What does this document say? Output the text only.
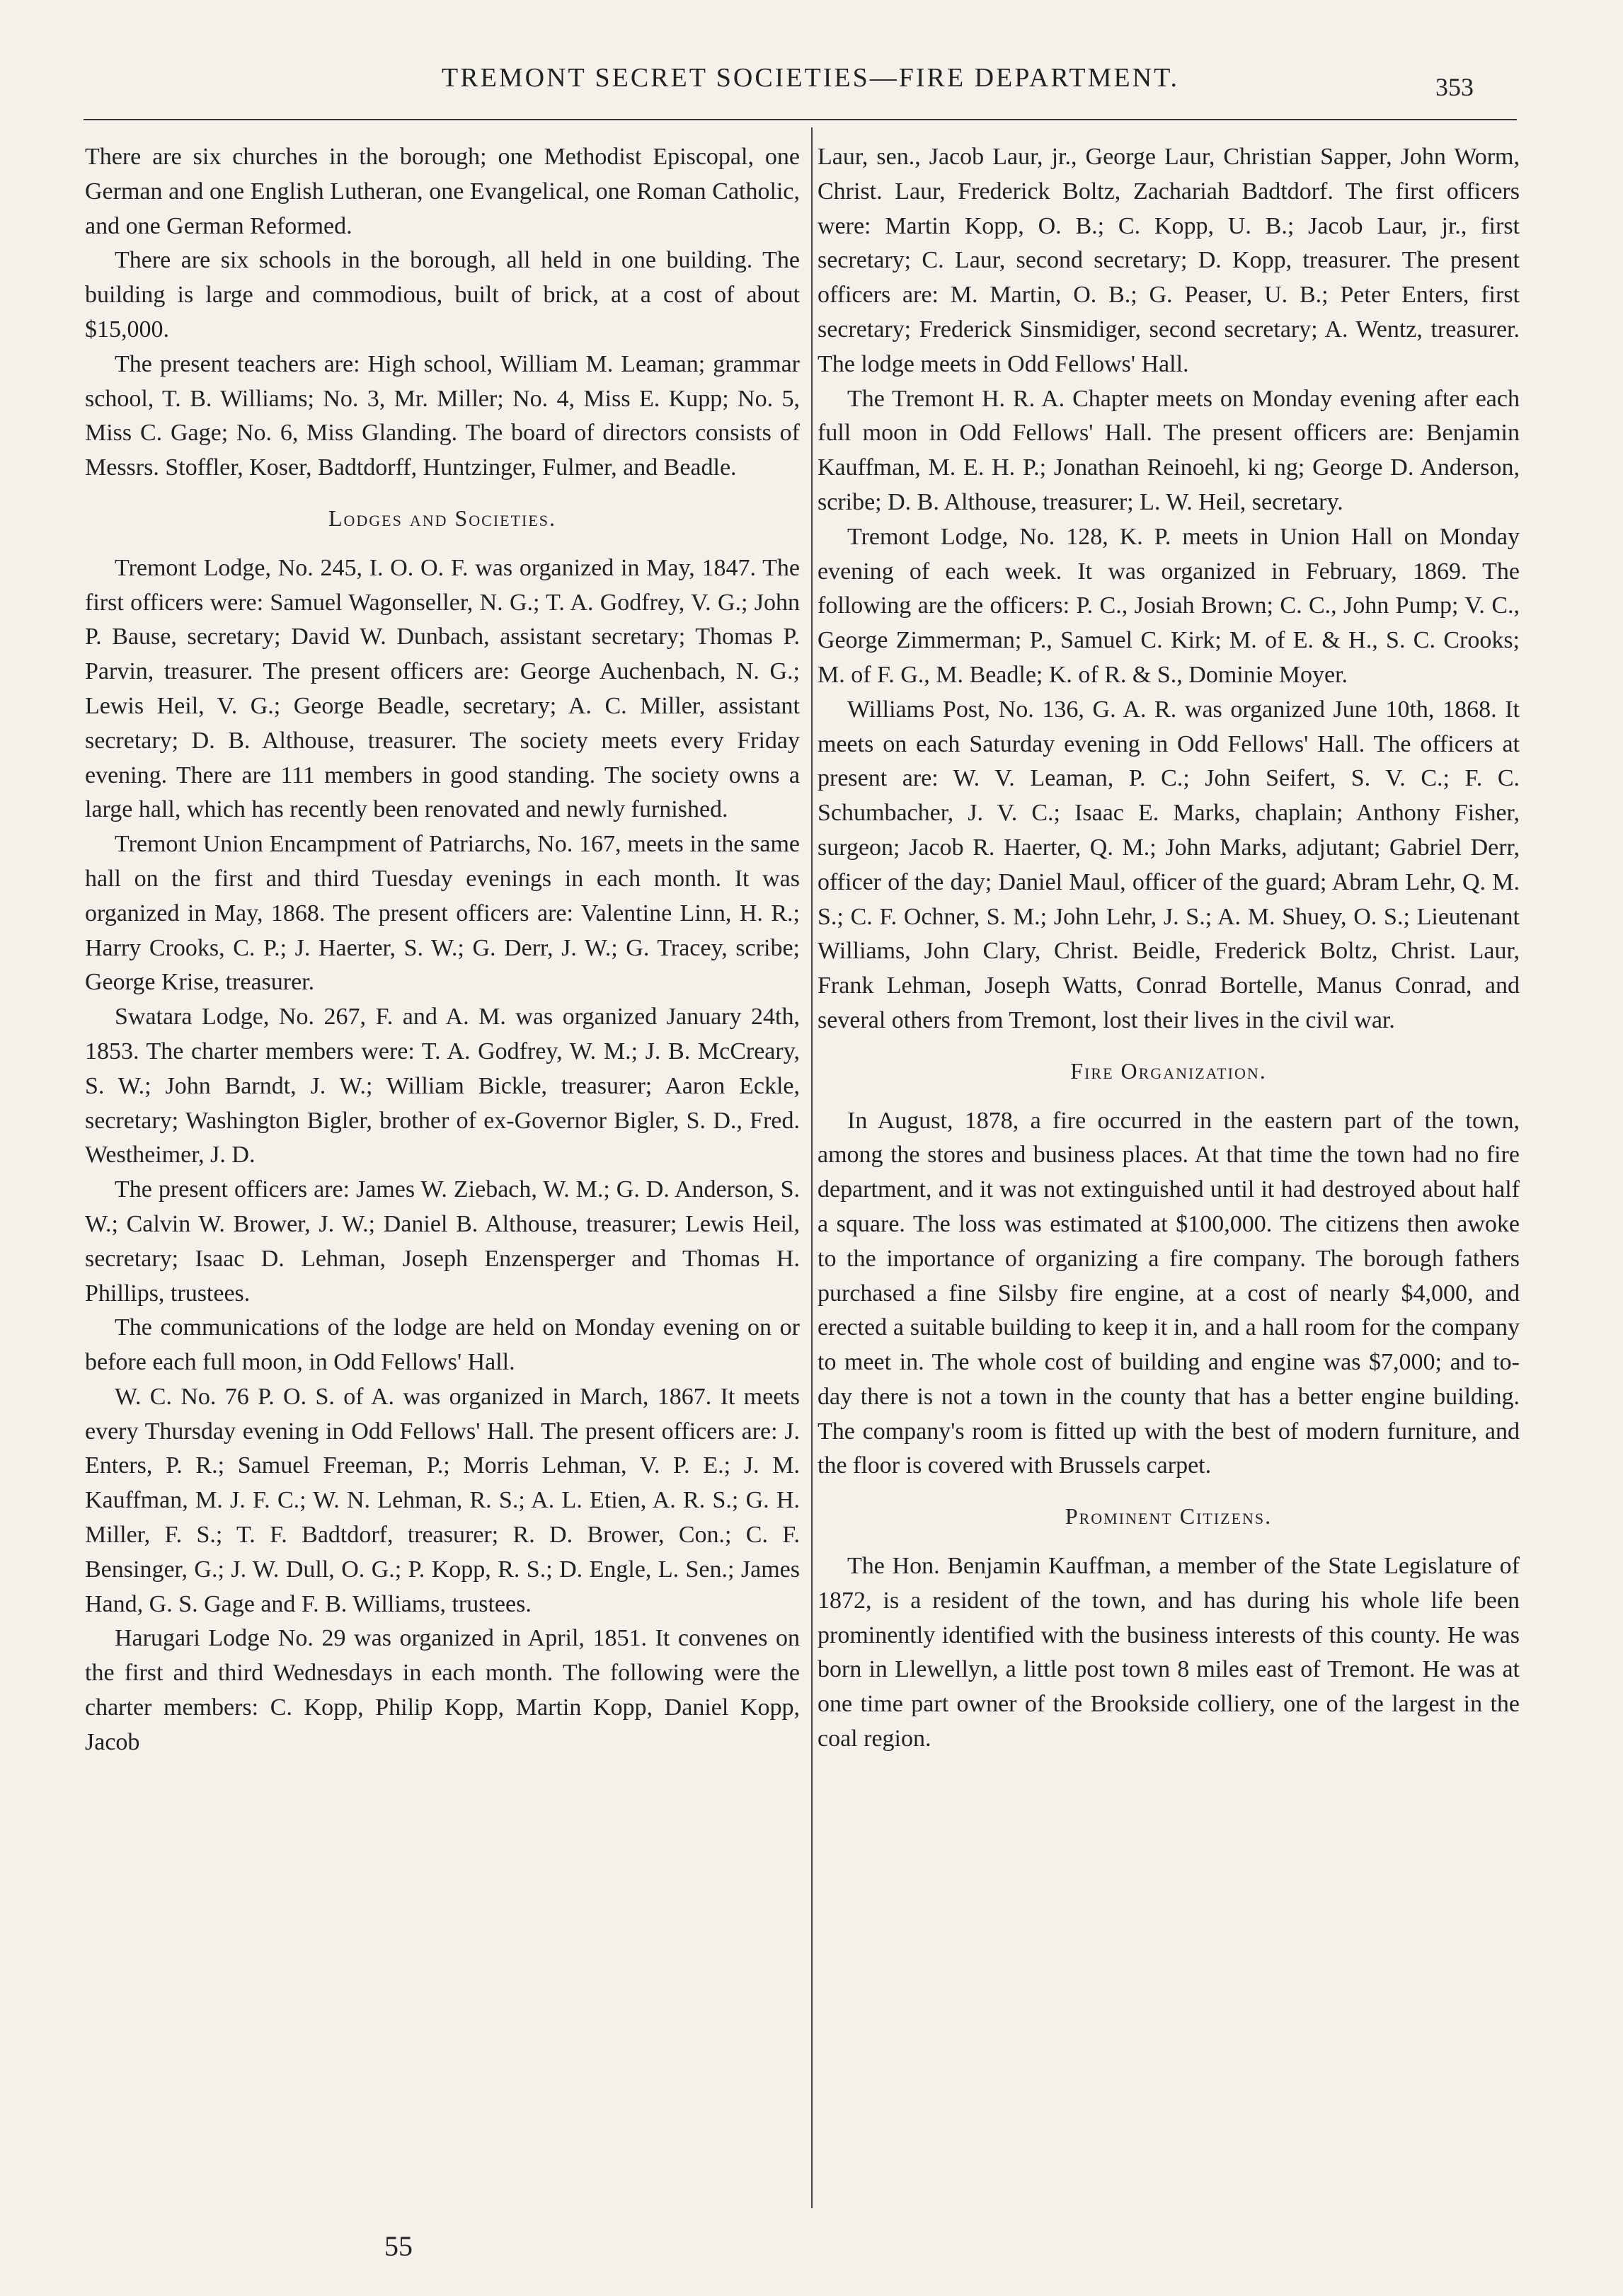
TREMONT SECRET SOCIETIES—FIRE DEPARTMENT.	353

There are six churches in the borough; one Methodist Episcopal, one German and one English Lutheran, one Evangelical, one Roman Catholic, and one German Reformed.

There are six schools in the borough, all held in one building. The building is large and commodious, built of brick, at a cost of about $15,000.

The present teachers are: High school, William M. Leaman; grammar school, T. B. Williams; No. 3, Mr. Miller; No. 4, Miss E. Kupp; No. 5, Miss C. Gage; No. 6, Miss Glanding. The board of directors consists of Messrs. Stoffler, Koser, Badtdorff, Huntzinger, Fulmer, and Beadle.

Lodges and Societies.

Tremont Lodge, No. 245, I. O. O. F. was organized in May, 1847. The first officers were: Samuel Wagonseller, N. G.; T. A. Godfrey, V. G.; John P. Bause, secretary; David W. Dunbach, assistant secretary; Thomas P. Parvin, treasurer. The present officers are: George Auchenbach, N. G.; Lewis Heil, V. G.; George Beadle, secretary; A. C. Miller, assistant secretary; D. B. Althouse, treasurer. The society meets every Friday evening. There are 111 members in good standing. The society owns a large hall, which has recently been renovated and newly furnished.

Tremont Union Encampment of Patriarchs, No. 167, meets in the same hall on the first and third Tuesday evenings in each month. It was organized in May, 1868. The present officers are: Valentine Linn, H. R.; Harry Crooks, C. P.; J. Haerter, S. W.; G. Derr, J. W.; G. Tracey, scribe; George Krise, treasurer.

Swatara Lodge, No. 267, F. and A. M. was organized January 24th, 1853. The charter members were: T. A. Godfrey, W. M.; J. B. McCreary, S. W.; John Barndt, J. W.; William Bickle, treasurer; Aaron Eckle, secretary; Washington Bigler, brother of ex-Governor Bigler, S. D., Fred. Westheimer, J. D.

The present officers are: James W. Ziebach, W. M.; G. D. Anderson, S. W.; Calvin W. Brower, J. W.; Daniel B. Althouse, treasurer; Lewis Heil, secretary; Isaac D. Lehman, Joseph Enzensperger and Thomas H. Phillips, trustees.

The communications of the lodge are held on Monday evening on or before each full moon, in Odd Fellows' Hall.

W. C. No. 76 P. O. S. of A. was organized in March, 1867. It meets every Thursday evening in Odd Fellows' Hall. The present officers are: J. Enters, P. R.; Samuel Freeman, P.; Morris Lehman, V. P. E.; J. M. Kauffman, M. J. F. C.; W. N. Lehman, R. S.; A. L. Etien, A. R. S.; G. H. Miller, F. S.; T. F. Badtdorf, treasurer; R. D. Brower, Con.; C. F. Bensinger, G.; J. W. Dull, O. G.; P. Kopp, R. S.; D. Engle, L. Sen.; James Hand, G. S. Gage and F. B. Williams, trustees.

Harugari Lodge No. 29 was organized in April, 1851. It convenes on the first and third Wednesdays in each month. The following were the charter members: C. Kopp, Philip Kopp, Martin Kopp, Daniel Kopp, Jacob

Laur, sen., Jacob Laur, jr., George Laur, Christian Sapper, John Worm, Christ. Laur, Frederick Boltz, Zachariah Badtdorf. The first officers were: Martin Kopp, O. B.; C. Kopp, U. B.; Jacob Laur, jr., first secretary; C. Laur, second secretary; D. Kopp, treasurer. The present officers are: M. Martin, O. B.; G. Peaser, U. B.; Peter Enters, first secretary; Frederick Sinsmidiger, second secretary; A. Wentz, treasurer. The lodge meets in Odd Fellows' Hall.

The Tremont H. R. A. Chapter meets on Monday evening after each full moon in Odd Fellows' Hall. The present officers are: Benjamin Kauffman, M. E. H. P.; Jonathan Reinoehl, ki ng; George D. Anderson, scribe; D. B. Althouse, treasurer; L. W. Heil, secretary.

Tremont Lodge, No. 128, K. P. meets in Union Hall on Monday evening of each week. It was organized in February, 1869. The following are the officers: P. C., Josiah Brown; C. C., John Pump; V. C., George Zimmerman; P., Samuel C. Kirk; M. of E. & H., S. C. Crooks; M. of F. G., M. Beadle; K. of R. & S., Dominie Moyer.

Williams Post, No. 136, G. A. R. was organized June 10th, 1868. It meets on each Saturday evening in Odd Fellows' Hall. The officers at present are: W. V. Leaman, P. C.; John Seifert, S. V. C.; F. C. Schumbacher, J. V. C.; Isaac E. Marks, chaplain; Anthony Fisher, surgeon; Jacob R. Haerter, Q. M.; John Marks, adjutant; Gabriel Derr, officer of the day; Daniel Maul, officer of the guard; Abram Lehr, Q. M. S.; C. F. Ochner, S. M.; John Lehr, J. S.; A. M. Shuey, O. S.; Lieutenant Williams, John Clary, Christ. Beidle, Frederick Boltz, Christ. Laur, Frank Lehman, Joseph Watts, Conrad Bortelle, Manus Conrad, and several others from Tremont, lost their lives in the civil war.

Fire Organization.

In August, 1878, a fire occurred in the eastern part of the town, among the stores and business places. At that time the town had no fire department, and it was not extinguished until it had destroyed about half a square. The loss was estimated at $100,000. The citizens then awoke to the importance of organizing a fire company. The borough fathers purchased a fine Silsby fire engine, at a cost of nearly $4,000, and erected a suitable building to keep it in, and a hall room for the company to meet in. The whole cost of building and engine was $7,000; and to-day there is not a town in the county that has a better engine building. The company's room is fitted up with the best of modern furniture, and the floor is covered with Brussels carpet.

Prominent Citizens.

The Hon. Benjamin Kauffman, a member of the State Legislature of 1872, is a resident of the town, and has during his whole life been prominently identified with the business interests of this county. He was born in Llewellyn, a little post town 8 miles east of Tremont. He was at one time part owner of the Brookside colliery, one of the largest in the coal region.

55
